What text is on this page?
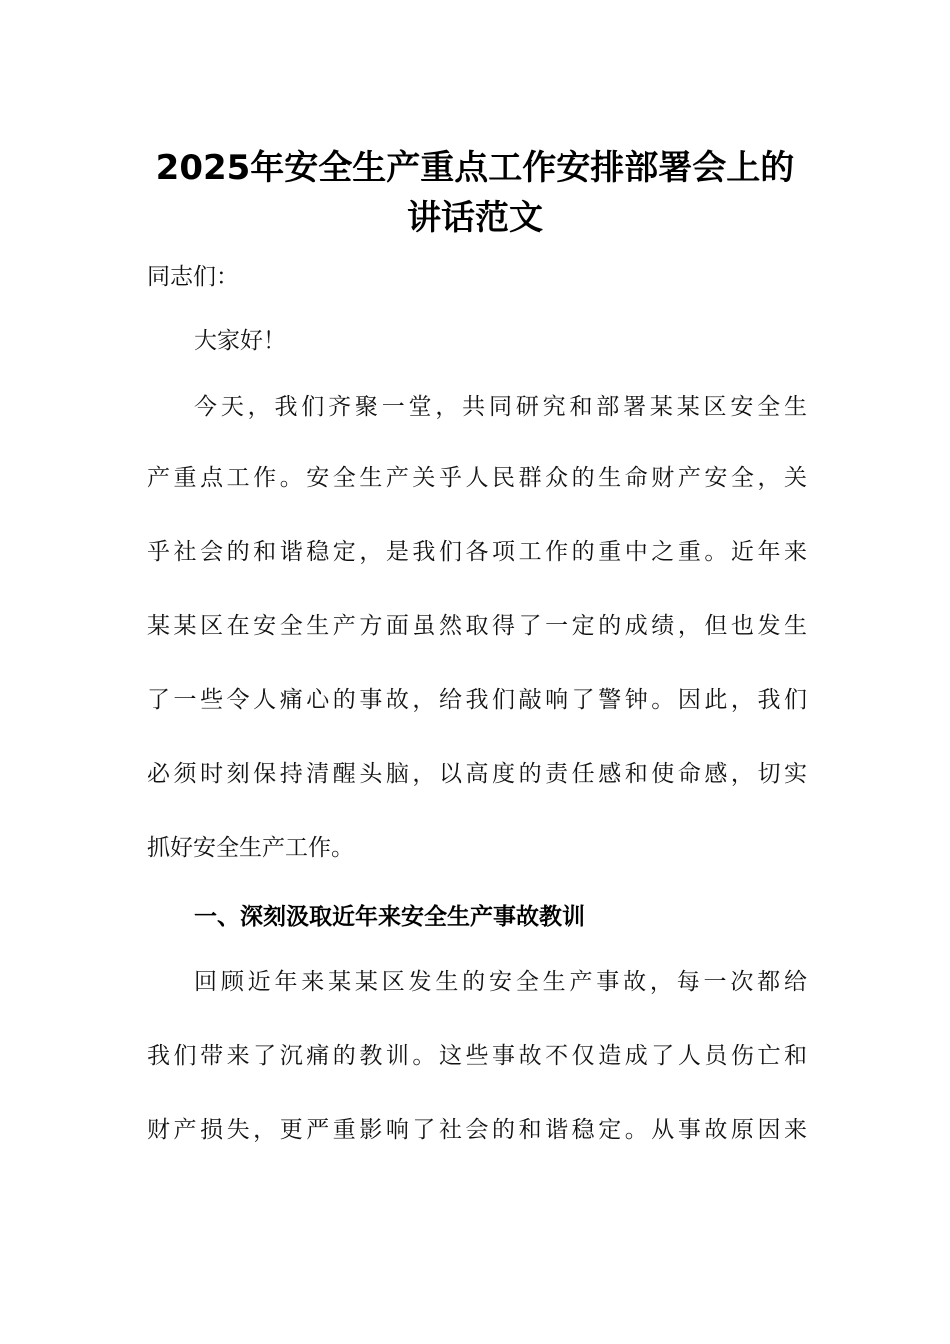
2025年安全生产重点工作安排部署会上的
讲话范文
同志们：
大家好！
今天，我们齐聚一堂，共同研究和部署某某区安全生
产重点工作。安全生产关乎人民群众的生命财产安全，关
乎社会的和谐稳定，是我们各项工作的重中之重。近年来
某某区在安全生产方面虽然取得了一定的成绩，但也发生
了一些令人痛心的事故，给我们敲响了警钟。因此，我们
必须时刻保持清醒头脑，以高度的责任感和使命感，切实
抓好安全生产工作。
一、深刻汲取近年来安全生产事故教训
回顾近年来某某区发生的安全生产事故，每一次都给
我们带来了沉痛的教训。这些事故不仅造成了人员伤亡和
财产损失，更严重影响了社会的和谐稳定。从事故原因来
